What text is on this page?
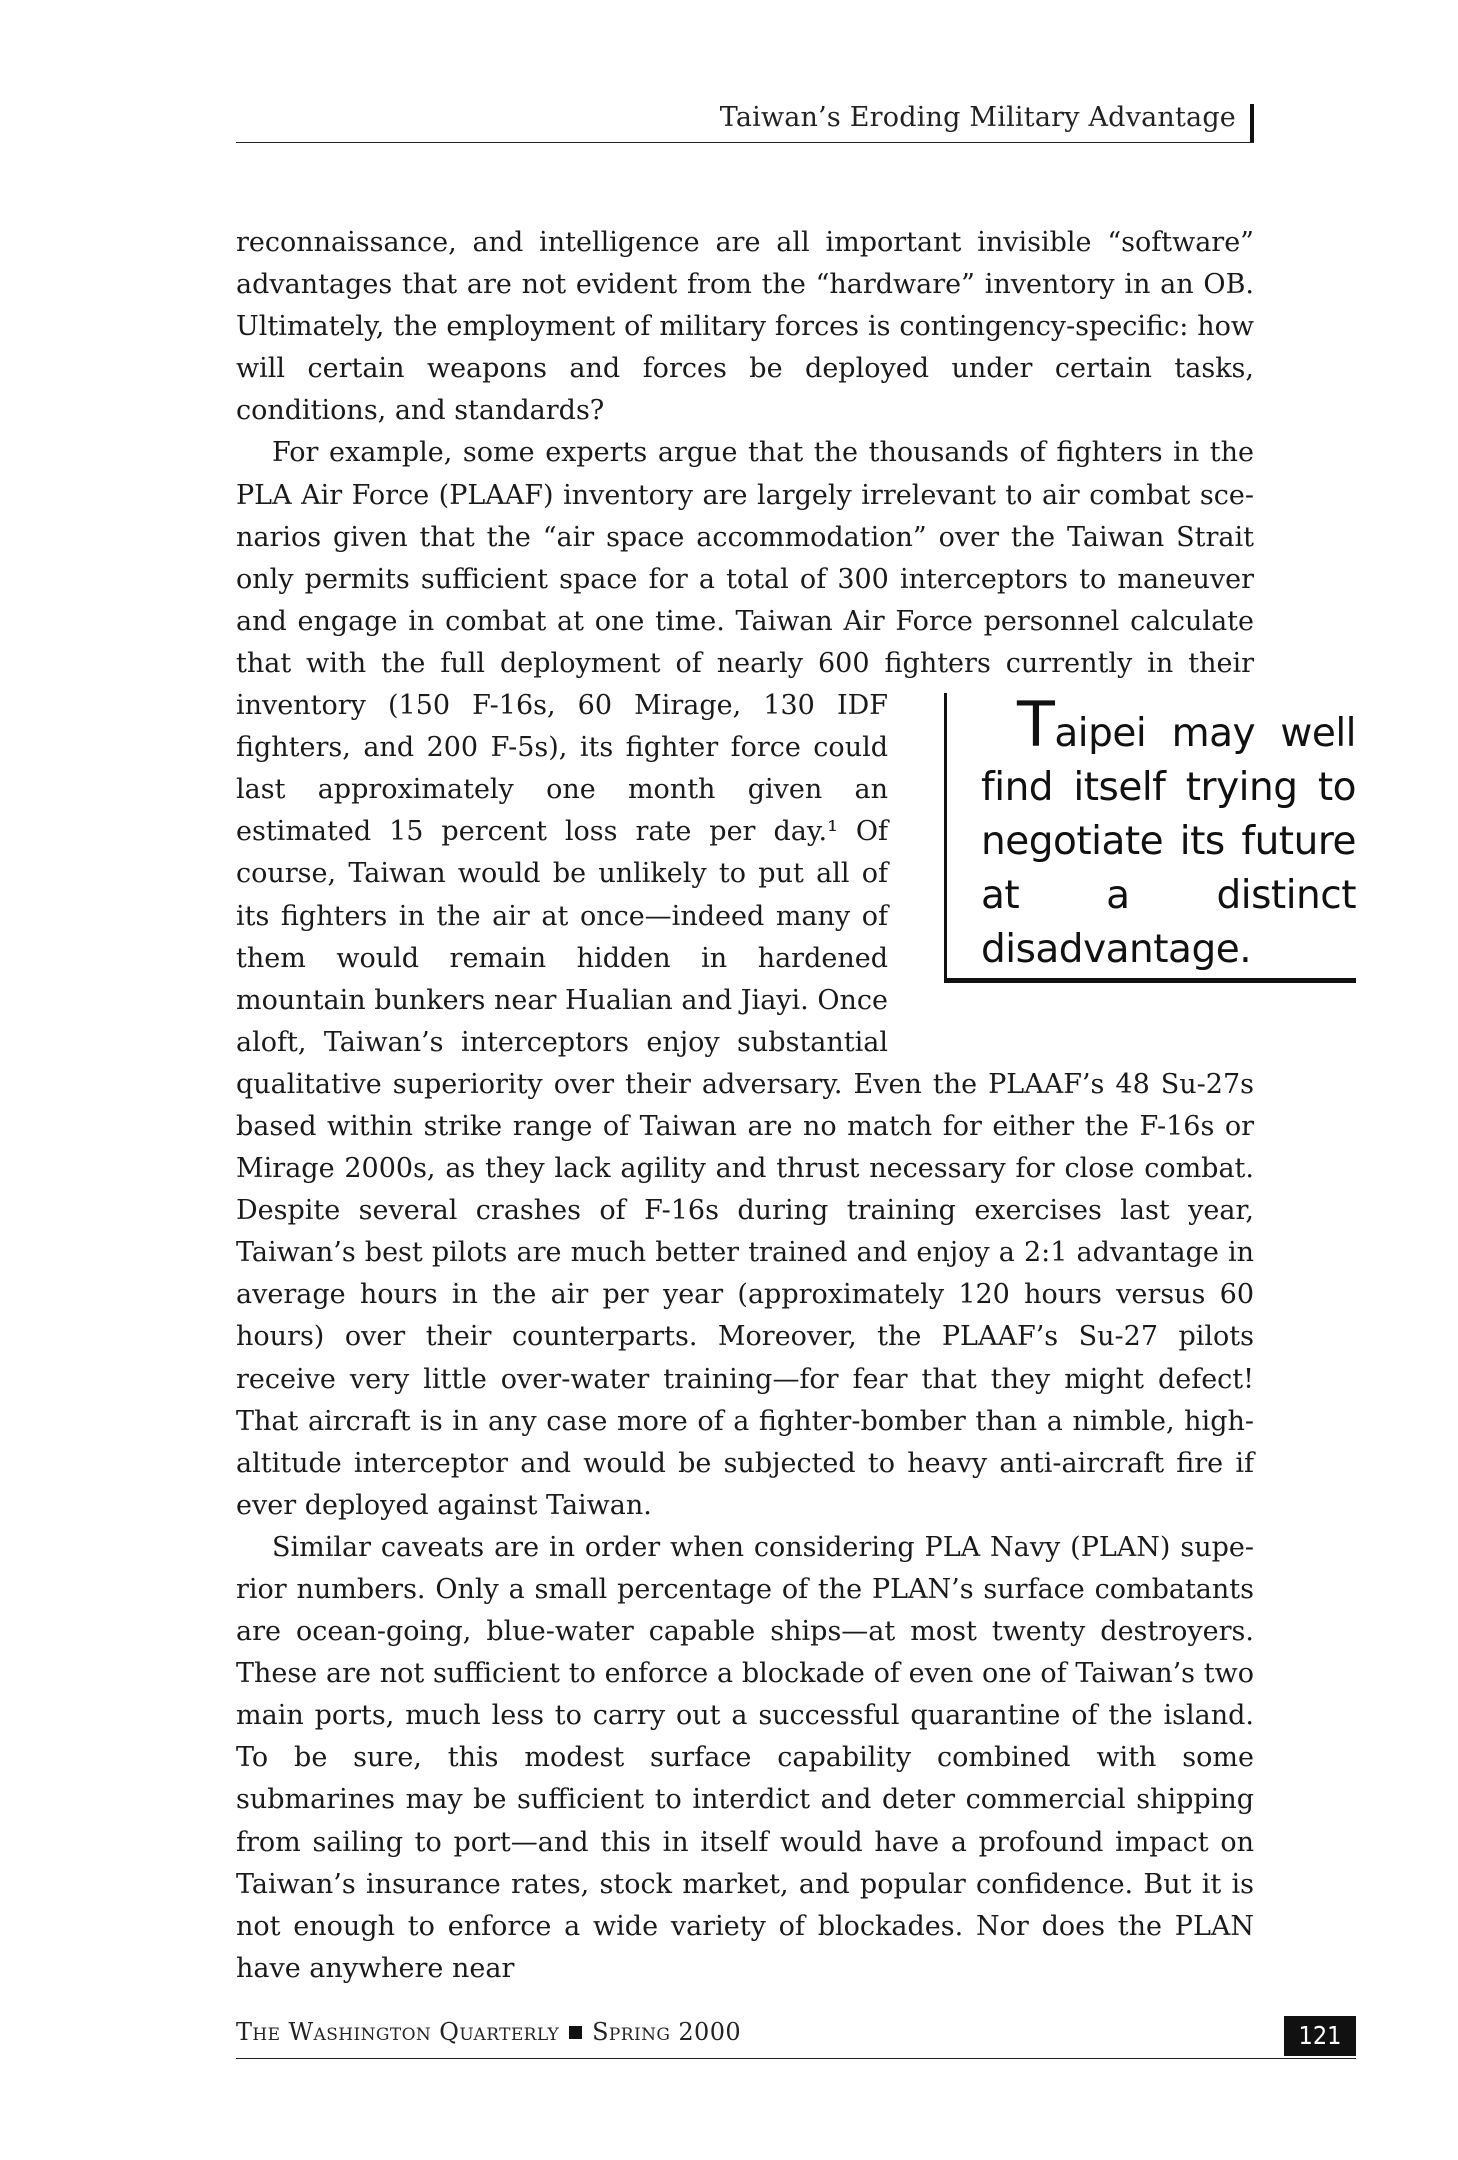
Taiwan’s Eroding Military Advantage

reconnaissance, and intelligence are all important invisible “software” advantages that are not evident from the “hardware” inventory in an OB. Ultimately, the employment of military forces is contingency-specific: how will certain weapons and forces be deployed under certain tasks, conditions, and standards?

For example, some experts argue that the thousands of fighters in the PLA Air Force (PLAAF) inventory are largely irrelevant to air combat scenarios given that the “air space accommodation” over the Taiwan Strait only permits sufficient space for a total of 300 interceptors to maneuver and engage in combat at one time. Taiwan Air Force personnel calculate that with
Taipei may well find itself trying to negotiate its future at a distinct disadvantage.
the full deployment of nearly 600 fighters currently in their inventory (150 F-16s, 60 Mirage, 130 IDF fighters, and 200 F-5s), its fighter force could last approximately one month given an estimated 15 percent loss rate per day.¹ Of course, Taiwan would be unlikely to put all of its fighters in the air at once—indeed many of them would remain hidden in hardened mountain bunkers near Hualian and Jiayi. Once aloft, Taiwan’s interceptors enjoy substantial qualitative superiority over their adversary. Even the PLAAF’s 48 Su-27s based within strike range of Taiwan are no match for either the F-16s or Mirage 2000s, as they lack agility and thrust necessary for close combat. Despite several crashes of F-16s during training exercises last year, Taiwan’s best pilots are much better trained and enjoy a 2:1 advantage in average hours in the air per year (approximately 120 hours versus 60 hours) over their counterparts. Moreover, the PLAAF’s Su-27 pilots receive very little over-water training—for fear that they might defect! That aircraft is in any case more of a fighter-bomber than a nimble, high-altitude interceptor and would be subjected to heavy anti-aircraft fire if ever deployed against Taiwan.

Similar caveats are in order when considering PLA Navy (PLAN) superior numbers. Only a small percentage of the PLAN’s surface combatants are ocean-going, blue-water capable ships—at most twenty destroyers. These are not sufficient to enforce a blockade of even one of Taiwan’s two main ports, much less to carry out a successful quarantine of the island. To be sure, this modest surface capability combined with some submarines may be sufficient to interdict and deter commercial shipping from sailing to port—and this in itself would have a profound impact on Taiwan’s insurance rates, stock market, and popular confidence. But it is not enough to enforce a wide variety of blockades. Nor does the PLAN have anywhere near

The Washington Quarterly Spring 2000	121
